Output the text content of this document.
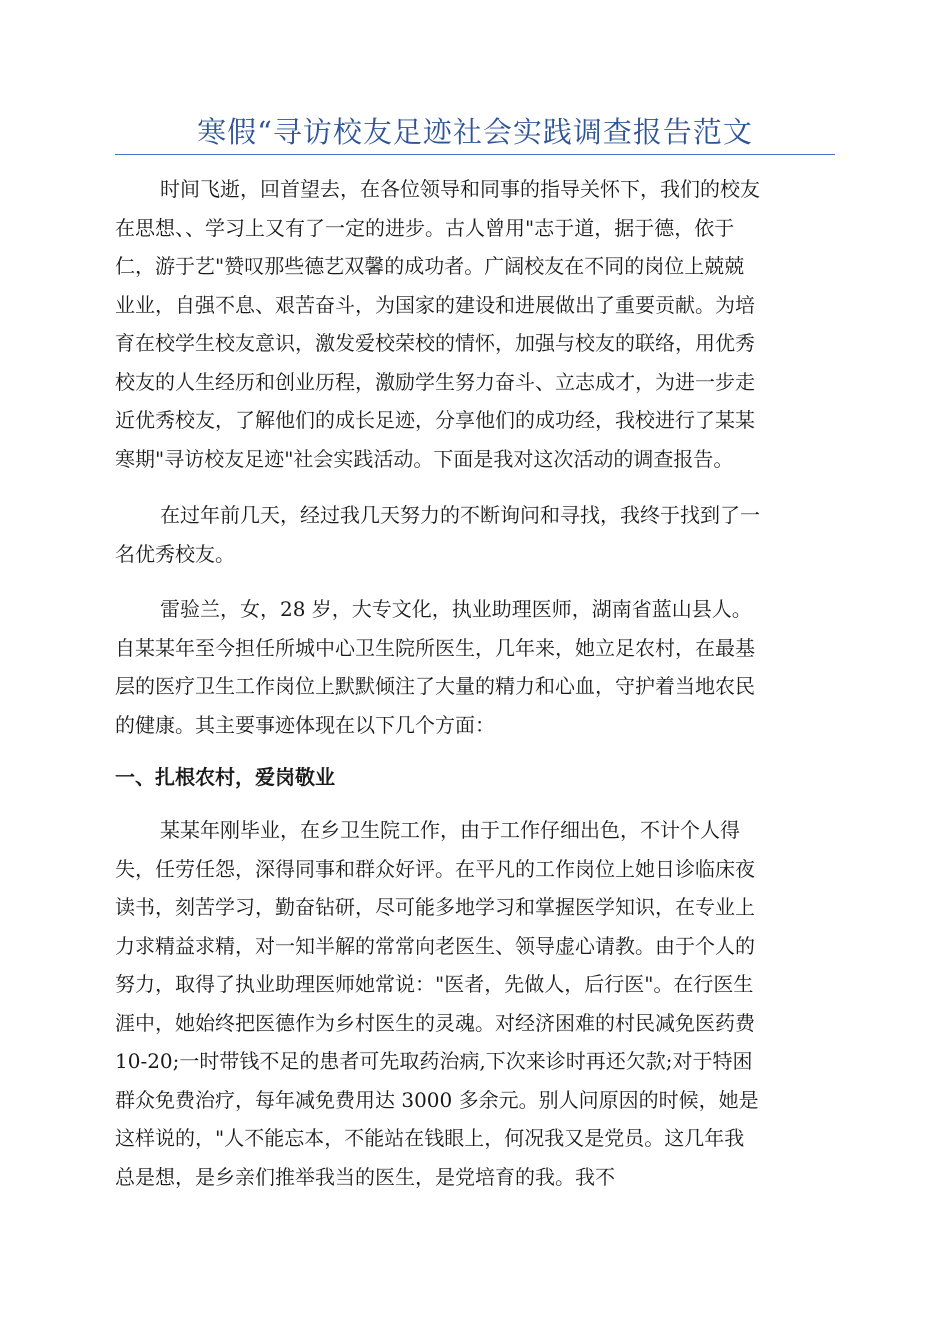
寒假“寻访校友足迹社会实践调查报告范文
时间飞逝，回首望去，在各位领导和同事的指导关怀下，我们的校友
在思想、、学习上又有了一定的进步。古人曾用"志于道，据于德，依于
仁，游于艺"赞叹那些德艺双馨的成功者。广阔校友在不同的岗位上兢兢
业业，自强不息、艰苦奋斗，为国家的建设和进展做出了重要贡献。为培
育在校学生校友意识，激发爱校荣校的情怀，加强与校友的联络，用优秀
校友的人生经历和创业历程，激励学生努力奋斗、立志成才，为进一步走
近优秀校友，了解他们的成长足迹，分享他们的成功经，我校进行了某某
寒期"寻访校友足迹"社会实践活动。下面是我对这次活动的调查报告。
在过年前几天，经过我几天努力的不断询问和寻找，我终于找到了一
名优秀校友。
雷验兰，女，28 岁，大专文化，执业助理医师，湖南省蓝山县人。
自某某年至今担任所城中心卫生院所医生，几年来，她立足农村，在最基
层的医疗卫生工作岗位上默默倾注了大量的精力和心血，守护着当地农民
的健康。其主要事迹体现在以下几个方面：
一、扎根农村，爱岗敬业
某某年刚毕业，在乡卫生院工作，由于工作仔细出色，不计个人得
失，任劳任怨，深得同事和群众好评。在平凡的工作岗位上她日诊临床夜
读书，刻苦学习，勤奋钻研，尽可能多地学习和掌握医学知识，在专业上
力求精益求精，对一知半解的常常向老医生、领导虚心请教。由于个人的
努力，取得了执业助理医师她常说："医者，先做人，后行医"。在行医生
涯中，她始终把医德作为乡村医生的灵魂。对经济困难的村民减免医药费
10-20;一时带钱不足的患者可先取药治病,下次来诊时再还欠款;对于特困
群众免费治疗，每年减免费用达 3000 多余元。别人问原因的时候，她是
这样说的，"人不能忘本，不能站在钱眼上，何况我又是党员。这几年我
总是想，是乡亲们推举我当的医生，是党培育的我。我不
